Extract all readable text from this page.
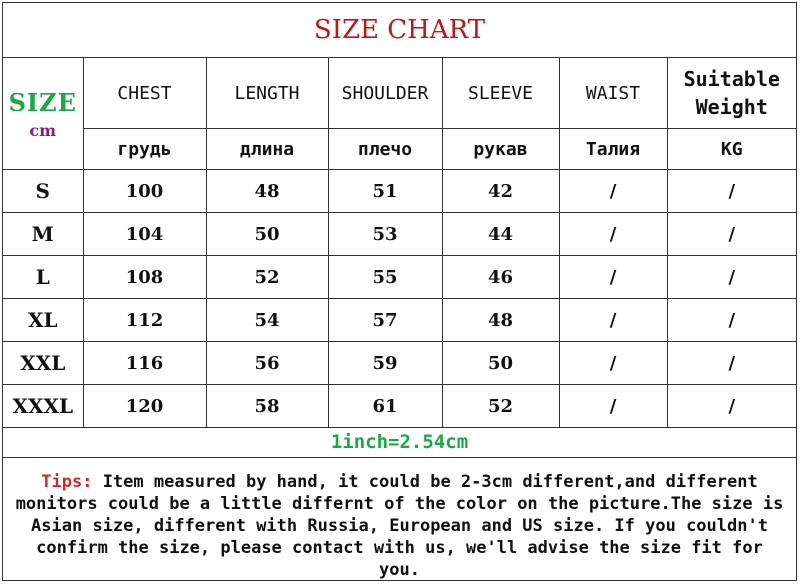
SIZE CHART
SIZE
cm	CHEST	LENGTH	SHOULDER	SLEEVE	WAIST	Suitable
Weight
	грудь	длина	плечо	рукав	Талия	KG
S	100	48	51	42	/	/
M	104	50	53	44	/	/
L	108	52	55	46	/	/
XL	112	54	57	48	/	/
XXL	116	56	59	50	/	/
XXXL	120	58	61	52	/	/
1inch=2.54cm
Tips: Item measured by hand, it could be 2-3cm different,and different monitors could be a little differnt of the color on the picture.The size is Asian size, different with Russia, European and US size. If you couldn't confirm the size, please contact with us, we'll advise the size fit for you.
